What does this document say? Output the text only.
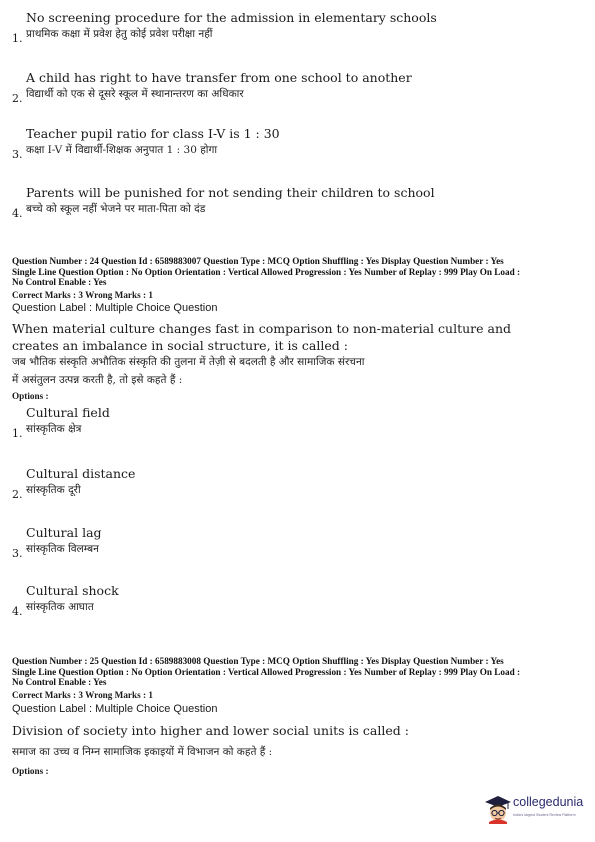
No screening procedure for the admission in elementary schools
प्राथमिक कक्षा में प्रवेश हेतु कोई प्रवेश परीक्षा नहीं
1.
A child has right to have transfer from one school to another
विद्यार्थी को एक से दूसरे स्कूल में स्थानान्तरण का अधिकार
2.
Teacher pupil ratio for class I-V is 1 : 30
कक्षा I-V में विद्यार्थी-शिक्षक अनुपात 1 : 30 होगा
3.
Parents will be punished for not sending their children to school
बच्चे को स्कूल नहीं भेजने पर माता-पिता को दंड
4.
Question Number : 24 Question Id : 6589883007 Question Type : MCQ Option Shuffling : Yes Display Question Number : Yes
Single Line Question Option : No Option Orientation : Vertical Allowed Progression : Yes Number of Replay : 999 Play On Load :
No Control Enable : Yes
Correct Marks : 3 Wrong Marks : 1
Question Label : Multiple Choice Question
When material culture changes fast in comparison to non-material culture and
creates an imbalance in social structure, it is called :
जब भौतिक संस्कृति अभौतिक संस्कृति की तुलना में तेज़ी से बदलती है और सामाजिक संरचना
में असंतुलन उत्पन्न करती है, तो इसे कहते हैं :
Options :
Cultural field
सांस्कृतिक क्षेत्र
1.
Cultural distance
सांस्कृतिक दूरी
2.
Cultural lag
सांस्कृतिक विलम्बन
3.
Cultural shock
सांस्कृतिक आघात
4.
Question Number : 25 Question Id : 6589883008 Question Type : MCQ Option Shuffling : Yes Display Question Number : Yes
Single Line Question Option : No Option Orientation : Vertical Allowed Progression : Yes Number of Replay : 999 Play On Load :
No Control Enable : Yes
Correct Marks : 3 Wrong Marks : 1
Question Label : Multiple Choice Question
Division of society into higher and lower social units is called :
समाज का उच्च व निम्न सामाजिक इकाइयों में विभाजन को कहते हैं :
Options :
collegedunia
India's largest Student Review Platform
